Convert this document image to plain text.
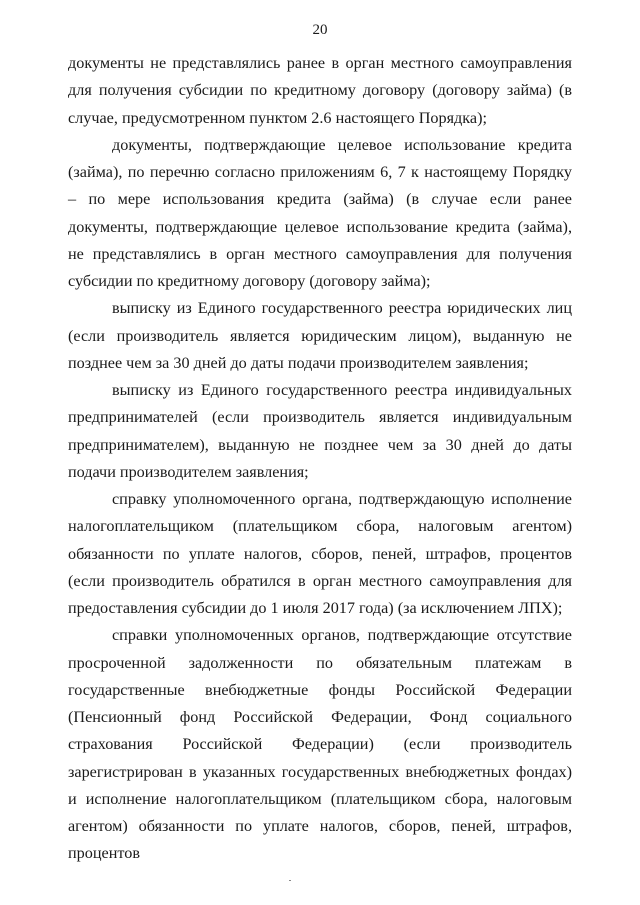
20

документы не представлялись ранее в орган местного самоуправления для получения субсидии по кредитному договору (договору займа) (в случае, предусмотренном пунктом 2.6 настоящего Порядка);

документы, подтверждающие целевое использование кредита (займа), по перечню согласно приложениям 6, 7 к настоящему Порядку – по мере использования кредита (займа) (в случае если ранее документы, подтверждающие целевое использование кредита (займа), не представлялись в орган местного самоуправления для получения субсидии по кредитному договору (договору займа);

выписку из Единого государственного реестра юридических лиц (если производитель является юридическим лицом), выданную не позднее чем за 30 дней до даты подачи производителем заявления;

выписку из Единого государственного реестра индивидуальных предпринимателей (если производитель является индивидуальным предпринимателем), выданную не позднее чем за 30 дней до даты подачи производителем заявления;

справку уполномоченного органа, подтверждающую исполнение налогоплательщиком (плательщиком сбора, налоговым агентом) обязанности по уплате налогов, сборов, пеней, штрафов, процентов (если производитель обратился в орган местного самоуправления для предоставления субсидии до 1 июля 2017 года) (за исключением ЛПХ);

справки уполномоченных органов, подтверждающие отсутствие просроченной задолженности по обязательным платежам в государственные внебюджетные фонды Российской Федерации (Пенсионный фонд Российской Федерации, Фонд социального страхования Российской Федерации) (если производитель зарегистрирован в указанных государственных внебюджетных фондах) и исполнение налогоплательщиком (плательщиком сбора, налоговым агентом) обязанности по уплате налогов, сборов, пеней, штрафов, процентов
